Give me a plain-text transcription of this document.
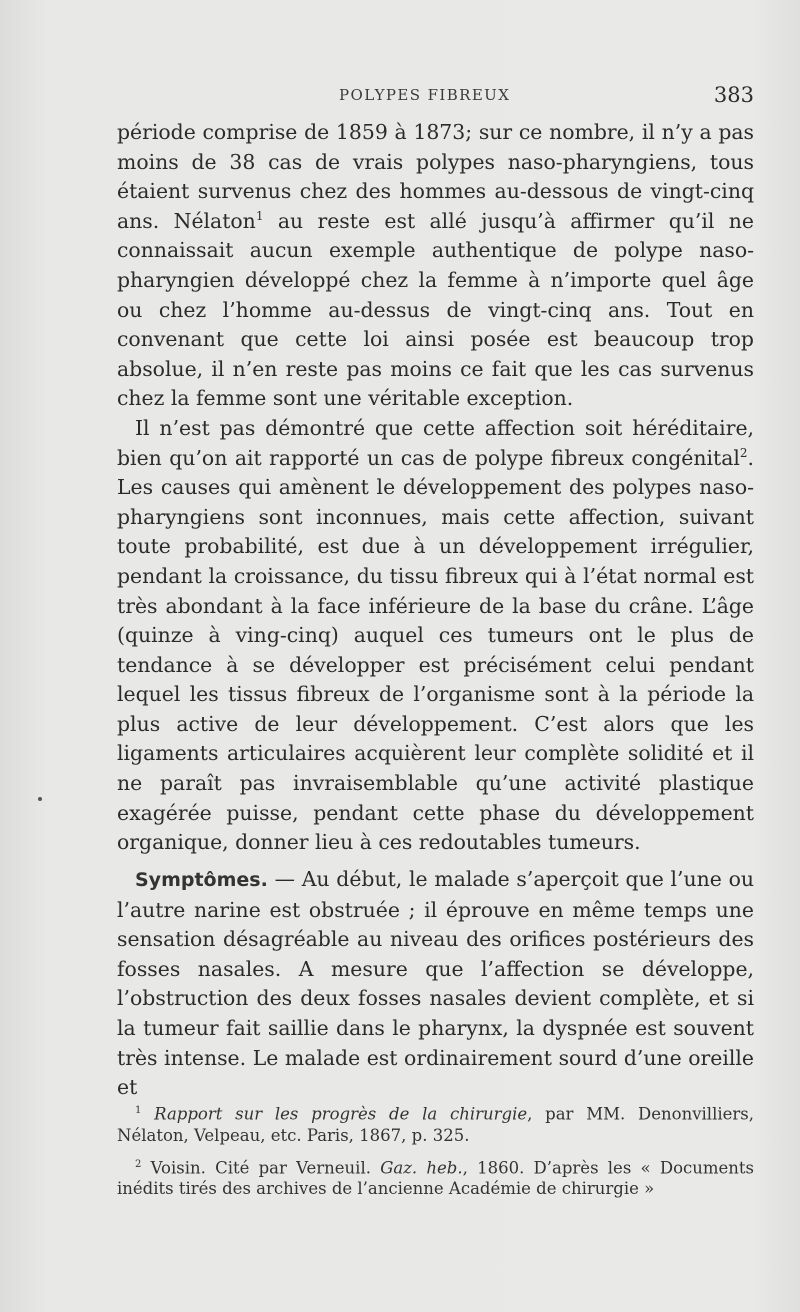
POLYPES FIBREUX	383

période comprise de 1859 à 1873; sur ce nombre, il n’y a pas moins de 38 cas de vrais polypes naso-pharyngiens, tous étaient survenus chez des hommes au-dessous de vingt-cinq ans. Nélaton$^1$ au reste est allé jusqu’à affirmer qu’il ne connaissait aucun exemple authentique de polype naso-pharyngien développé chez la femme à n’importe quel âge ou chez l’homme au-dessus de vingt-cinq ans. Tout en convenant que cette loi ainsi posée est beaucoup trop absolue, il n’en reste pas moins ce fait que les cas survenus chez la femme sont une véritable exception.

Il n’est pas démontré que cette affection soit héréditaire, bien qu’on ait rapporté un cas de polype fibreux congénital$^2$. Les causes qui amènent le développement des polypes naso-pharyngiens sont inconnues, mais cette affection, suivant toute probabilité, est due à un développement irrégulier, pendant la croissance, du tissu fibreux qui à l’état normal est très abondant à la face inférieure de la base du crâne. L’âge (quinze à ving-cinq) auquel ces tumeurs ont le plus de tendance à se développer est précisément celui pendant lequel les tissus fibreux de l’organisme sont à la période la plus active de leur développement. C’est alors que les ligaments articulaires acquièrent leur complète solidité et il ne paraît pas invraisemblable qu’une activité plastique exagérée puisse, pendant cette phase du développement organique, donner lieu à ces redoutables tumeurs.

Symptômes. — Au début, le malade s’aperçoit que l’une ou l’autre narine est obstruée ; il éprouve en même temps une sensation désagréable au niveau des orifices postérieurs des fosses nasales. A mesure que l’affection se développe, l’obstruction des deux fosses nasales devient complète, et si la tumeur fait saillie dans le pharynx, la dyspnée est souvent très intense. Le malade est ordinairement sourd d’une oreille et

$^1$ Rapport sur les progrès de la chirurgie, par MM. Denonvilliers, Nélaton, Velpeau, etc. Paris, 1867, p. 325.

$^2$ Voisin. Cité par Verneuil. Gaz. heb., 1860. D’après les « Documents inédits tirés des archives de l’ancienne Académie de chirurgie »
